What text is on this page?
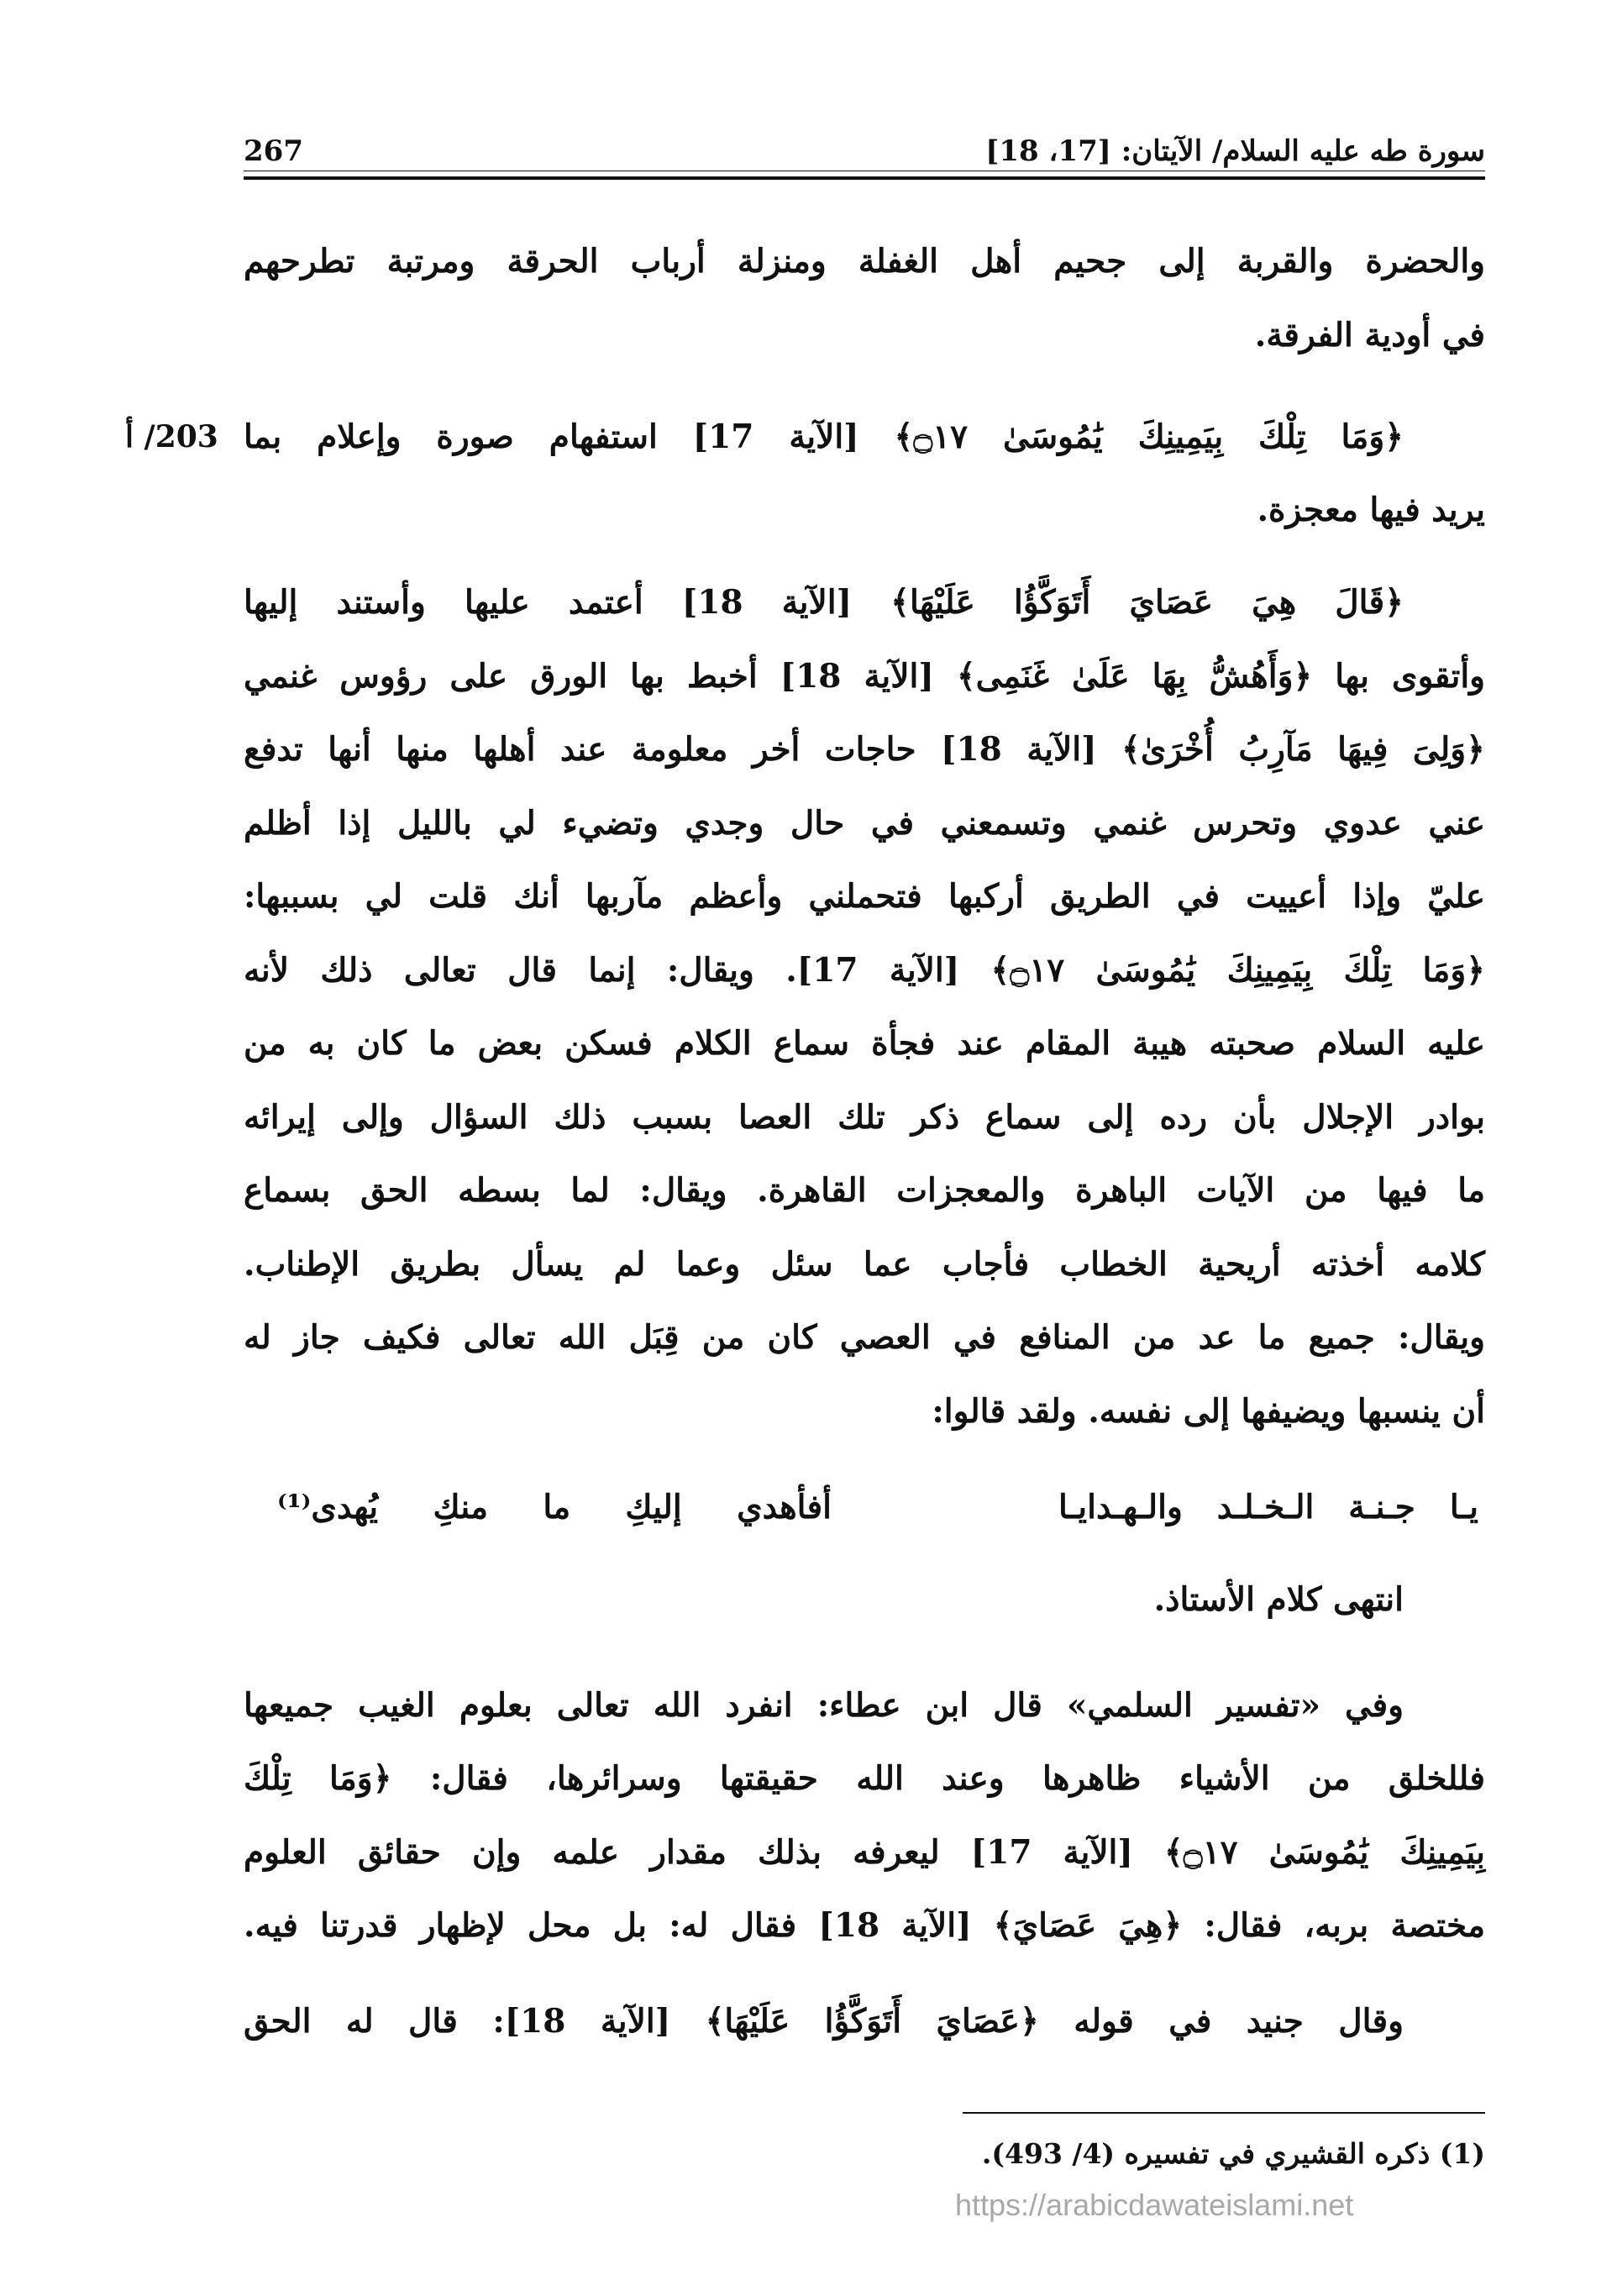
سورة طه عليه السلام/ الآيتان: [17، 18]
267
203/ أ
والحضرة والقربة إلى جحيم أهل الغفلة ومنزلة أرباب الحرقة ومرتبة تطرحهم
في أودية الفرقة.
﴿وَمَا تِلْكَ بِيَمِينِكَ يَٰمُوسَىٰ ۝١٧﴾ [الآية 17] استفهام صورة وإعلام بما
يريد فيها معجزة.
﴿قَالَ هِيَ عَصَايَ أَتَوَكَّؤُا عَلَيْهَا﴾ [الآية 18] أعتمد عليها وأستند إليها
وأتقوى بها ﴿وَأَهُشُّ بِهَا عَلَىٰ غَنَمِى﴾ [الآية 18] أخبط بها الورق على رؤوس غنمي
﴿وَلِىَ فِيهَا مَآرِبُ أُخْرَىٰ﴾ [الآية 18] حاجات أخر معلومة عند أهلها منها أنها تدفع
عني عدوي وتحرس غنمي وتسمعني في حال وجدي وتضيء لي بالليل إذا أظلم
عليّ وإذا أعييت في الطريق أركبها فتحملني وأعظم مآربها أنك قلت لي بسببها:
﴿وَمَا تِلْكَ بِيَمِينِكَ يَٰمُوسَىٰ ۝١٧﴾ [الآية 17]. ويقال: إنما قال تعالى ذلك لأنه
عليه السلام صحبته هيبة المقام عند فجأة سماع الكلام فسكن بعض ما كان به من
بوادر الإجلال بأن رده إلى سماع ذكر تلك العصا بسبب ذلك السؤال وإلى إيرائه
ما فيها من الآيات الباهرة والمعجزات القاهرة. ويقال: لما بسطه الحق بسماع
كلامه أخذته أريحية الخطاب فأجاب عما سئل وعما لم يسأل بطريق الإطناب.
ويقال: جميع ما عد من المنافع في العصي كان من قِبَل الله تعالى فكيف جاز له
أن ينسبها ويضيفها إلى نفسه. ولقد قالوا:
انتهى كلام الأستاذ.
وفي «تفسير السلمي» قال ابن عطاء: انفرد الله تعالى بعلوم الغيب جميعها
فللخلق من الأشياء ظاهرها وعند الله حقيقتها وسرائرها، فقال: ﴿وَمَا تِلْكَ
بِيَمِينِكَ يَٰمُوسَىٰ ۝١٧﴾ [الآية 17] ليعرفه بذلك مقدار علمه وإن حقائق العلوم
مختصة بربه، فقال: ﴿هِيَ عَصَايَ﴾ [الآية 18] فقال له: بل محل لإظهار قدرتنا فيه.
وقال جنيد في قوله ﴿عَصَايَ أَتَوَكَّؤُا عَلَيْهَا﴾ [الآية 18]: قال له الحق
يـا جـنـة الـخـلـد والـهـدايـا
أفأهدي إليكِ ما منكِ يُهدى⁽¹⁾
(1) ذكره القشيري في تفسيره (4/ 493).
https://arabicdawateislami.net
